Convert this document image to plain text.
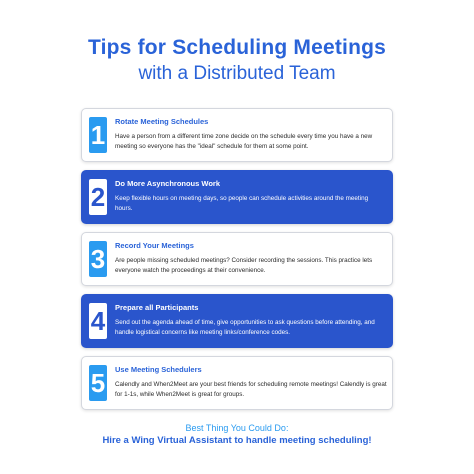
Tips for Scheduling Meetings
with a Distributed Team
1 Rotate Meeting Schedules
Have a person from a different time zone decide on the schedule every time you have a new meeting so everyone has the "ideal" schedule for them at some point.
2 Do More Asynchronous Work
Keep flexible hours on meeting days, so people can schedule activities around the meeting hours.
3 Record Your Meetings
Are people missing scheduled meetings? Consider recording the sessions. This practice lets everyone watch the proceedings at their convenience.
4 Prepare all Participants
Send out the agenda ahead of time, give opportunities to ask questions before attending, and handle logistical concerns like meeting links/conference codes.
5 Use Meeting Schedulers
Calendly and When2Meet are your best friends for scheduling remote meetings! Calendly is great for 1-1s, while When2Meet is great for groups.
Best Thing You Could Do:
Hire a Wing Virtual Assistant to handle meeting scheduling!
